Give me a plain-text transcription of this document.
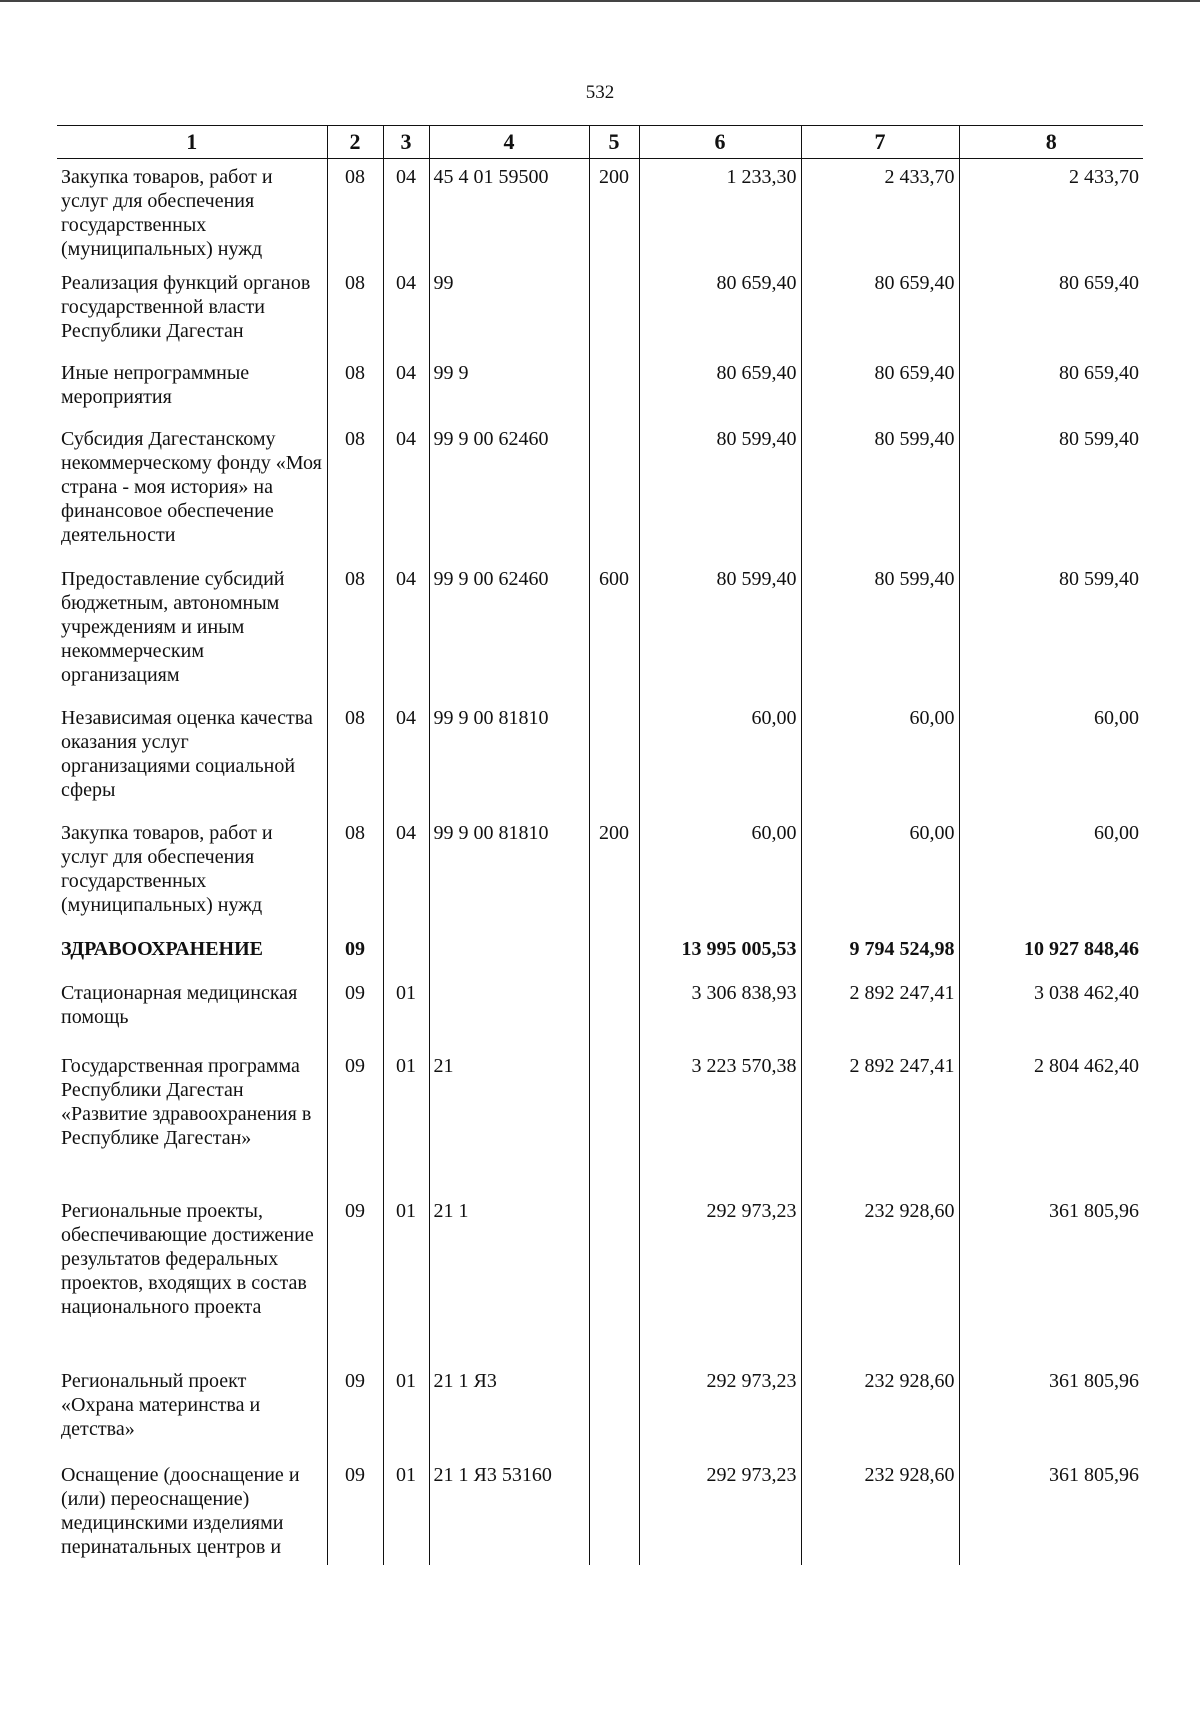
532
1	2	3	4	5	6	7	8
Закупка товаров, работ и услуг для обеспечения государственных (муниципальных) нужд	08	04	45 4 01 59500	200	1 233,30	2 433,70	2 433,70
Реализация функций органов государственной власти Республики Дагестан	08	04	99		80 659,40	80 659,40	80 659,40
Иные непрограммные мероприятия	08	04	99 9		80 659,40	80 659,40	80 659,40
Субсидия Дагестанскому некоммерческому фонду «Моя страна - моя история» на финансовое обеспечение деятельности	08	04	99 9 00 62460		80 599,40	80 599,40	80 599,40
Предоставление субсидий бюджетным, автономным учреждениям и иным некоммерческим организациям	08	04	99 9 00 62460	600	80 599,40	80 599,40	80 599,40
Независимая оценка качества оказания услуг организациями социальной сферы	08	04	99 9 00 81810		60,00	60,00	60,00
Закупка товаров, работ и услуг для обеспечения государственных (муниципальных) нужд	08	04	99 9 00 81810	200	60,00	60,00	60,00
ЗДРАВООХРАНЕНИЕ	09				13 995 005,53	9 794 524,98	10 927 848,46
Стационарная медицинская помощь	09	01			3 306 838,93	2 892 247,41	3 038 462,40
Государственная программа Республики Дагестан «Развитие здравоохранения в Республике Дагестан»	09	01	21		3 223 570,38	2 892 247,41	2 804 462,40
Региональные проекты, обеспечивающие достижение результатов федеральных проектов, входящих в состав национального проекта	09	01	21 1		292 973,23	232 928,60	361 805,96
Региональный проект «Охрана материнства и детства»	09	01	21 1 Я3		292 973,23	232 928,60	361 805,96
Оснащение (дооснащение и (или) переоснащение) медицинскими изделиями перинатальных центров и	09	01	21 1 Я3 53160		292 973,23	232 928,60	361 805,96
